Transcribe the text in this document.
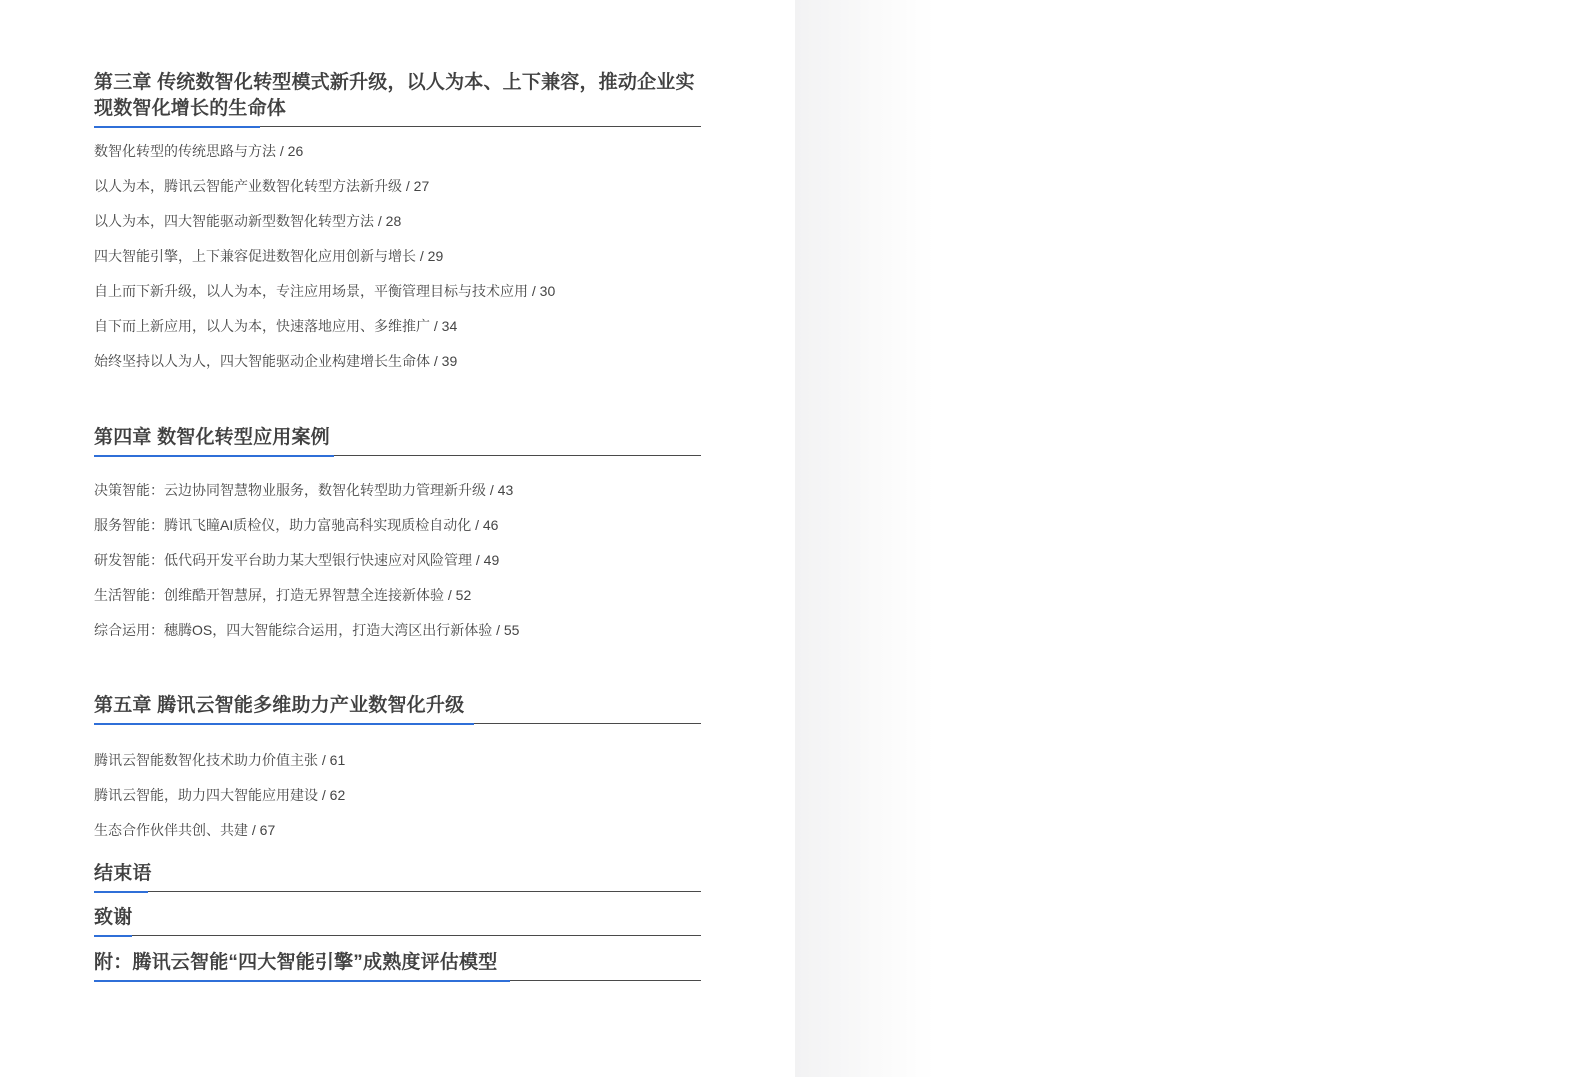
第三章 传统数智化转型模式新升级，以人为本、上下兼容，推动企业实现数智化增长的生命体
数智化转型的传统思路与方法 / 26
以人为本，腾讯云智能产业数智化转型方法新升级 / 27
以人为本，四大智能驱动新型数智化转型方法 / 28
四大智能引擎，上下兼容促进数智化应用创新与增长 / 29
自上而下新升级，以人为本，专注应用场景，平衡管理目标与技术应用 / 30
自下而上新应用，以人为本，快速落地应用、多维推广 / 34
始终坚持以人为人，四大智能驱动企业构建增长生命体 / 39
第四章 数智化转型应用案例
决策智能：云边协同智慧物业服务，数智化转型助力管理新升级 / 43
服务智能：腾讯飞瞳AI质检仪，助力富驰高科实现质检自动化 / 46
研发智能：低代码开发平台助力某大型银行快速应对风险管理 / 49
生活智能：创维酷开智慧屏，打造无界智慧全连接新体验 / 52
综合运用：穗腾OS，四大智能综合运用，打造大湾区出行新体验 / 55
第五章 腾讯云智能多维助力产业数智化升级
腾讯云智能数智化技术助力价值主张 / 61
腾讯云智能，助力四大智能应用建设 / 62
生态合作伙伴共创、共建 / 67
结束语
致谢
附：腾讯云智能“四大智能引擎”成熟度评估模型
